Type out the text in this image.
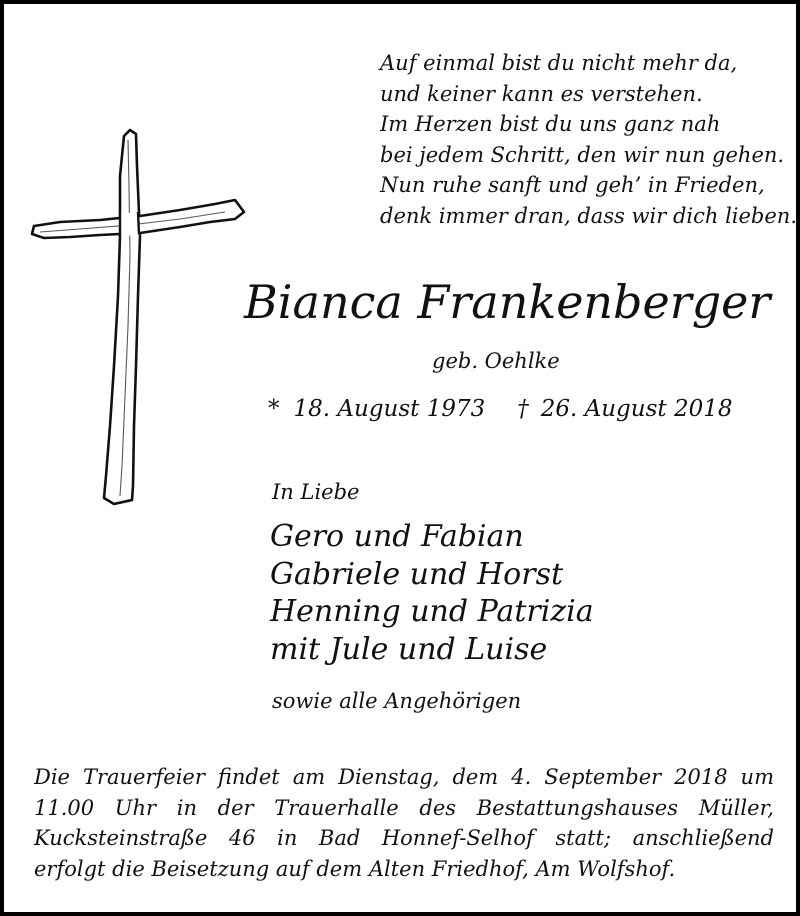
Auf einmal bist du nicht mehr da,
und keiner kann es verstehen.
Im Herzen bist du uns ganz nah
bei jedem Schritt, den wir nun gehen.
Nun ruhe sanft und geh’ in Frieden,
denk immer dran, dass wir dich lieben.
Bianca Frankenberger
geb. Oehlke
* 18. August 1973 † 26. August 2018
In Liebe
Gero und Fabian
Gabriele und Horst
Henning und Patrizia
mit Jule und Luise
sowie alle Angehörigen
Die Trauerfeier findet am Dienstag, dem 4. September 2018 um
11.00 Uhr in der Trauerhalle des Bestattungshauses Müller,
Kucksteinstraße 46 in Bad Honnef-Selhof statt; anschließend
erfolgt die Beisetzung auf dem Alten Friedhof, Am Wolfshof.
